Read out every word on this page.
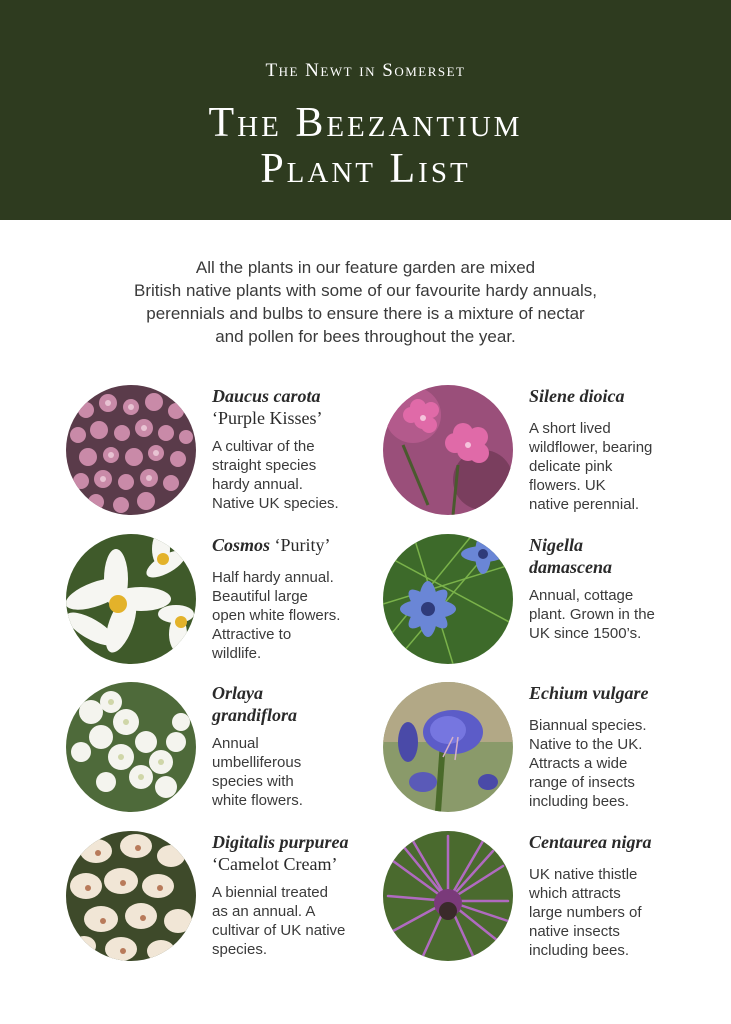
The Newt in Somerset
The Beezantium
Plant List
All the plants in our feature garden are mixed
British native plants with some of our favourite hardy annuals,
perennials and bulbs to ensure there is a mixture of nectar
and pollen for bees throughout the year.
Daucus carota
‘Purple Kisses’
A cultivar of the
straight species
hardy annual.
Native UK species.
Silene dioica
A short lived
wildflower, bearing
delicate pink
flowers. UK
native perennial.
Cosmos ‘Purity’
Half hardy annual.
Beautiful large
open white flowers.
Attractive to
wildlife.
Nigella damascena
Annual, cottage
plant. Grown in the
UK since 1500’s.
Orlaya grandiflora
Annual
umbelliferous
species with
white flowers.
Echium vulgare
Biannual species.
Native to the UK.
Attracts a wide
range of insects
including bees.
Digitalis purpurea
‘Camelot Cream’
A biennial treated
as an annual. A
cultivar of UK native
species.
Centaurea nigra
UK native thistle
which attracts
large numbers of
native insects
including bees.
